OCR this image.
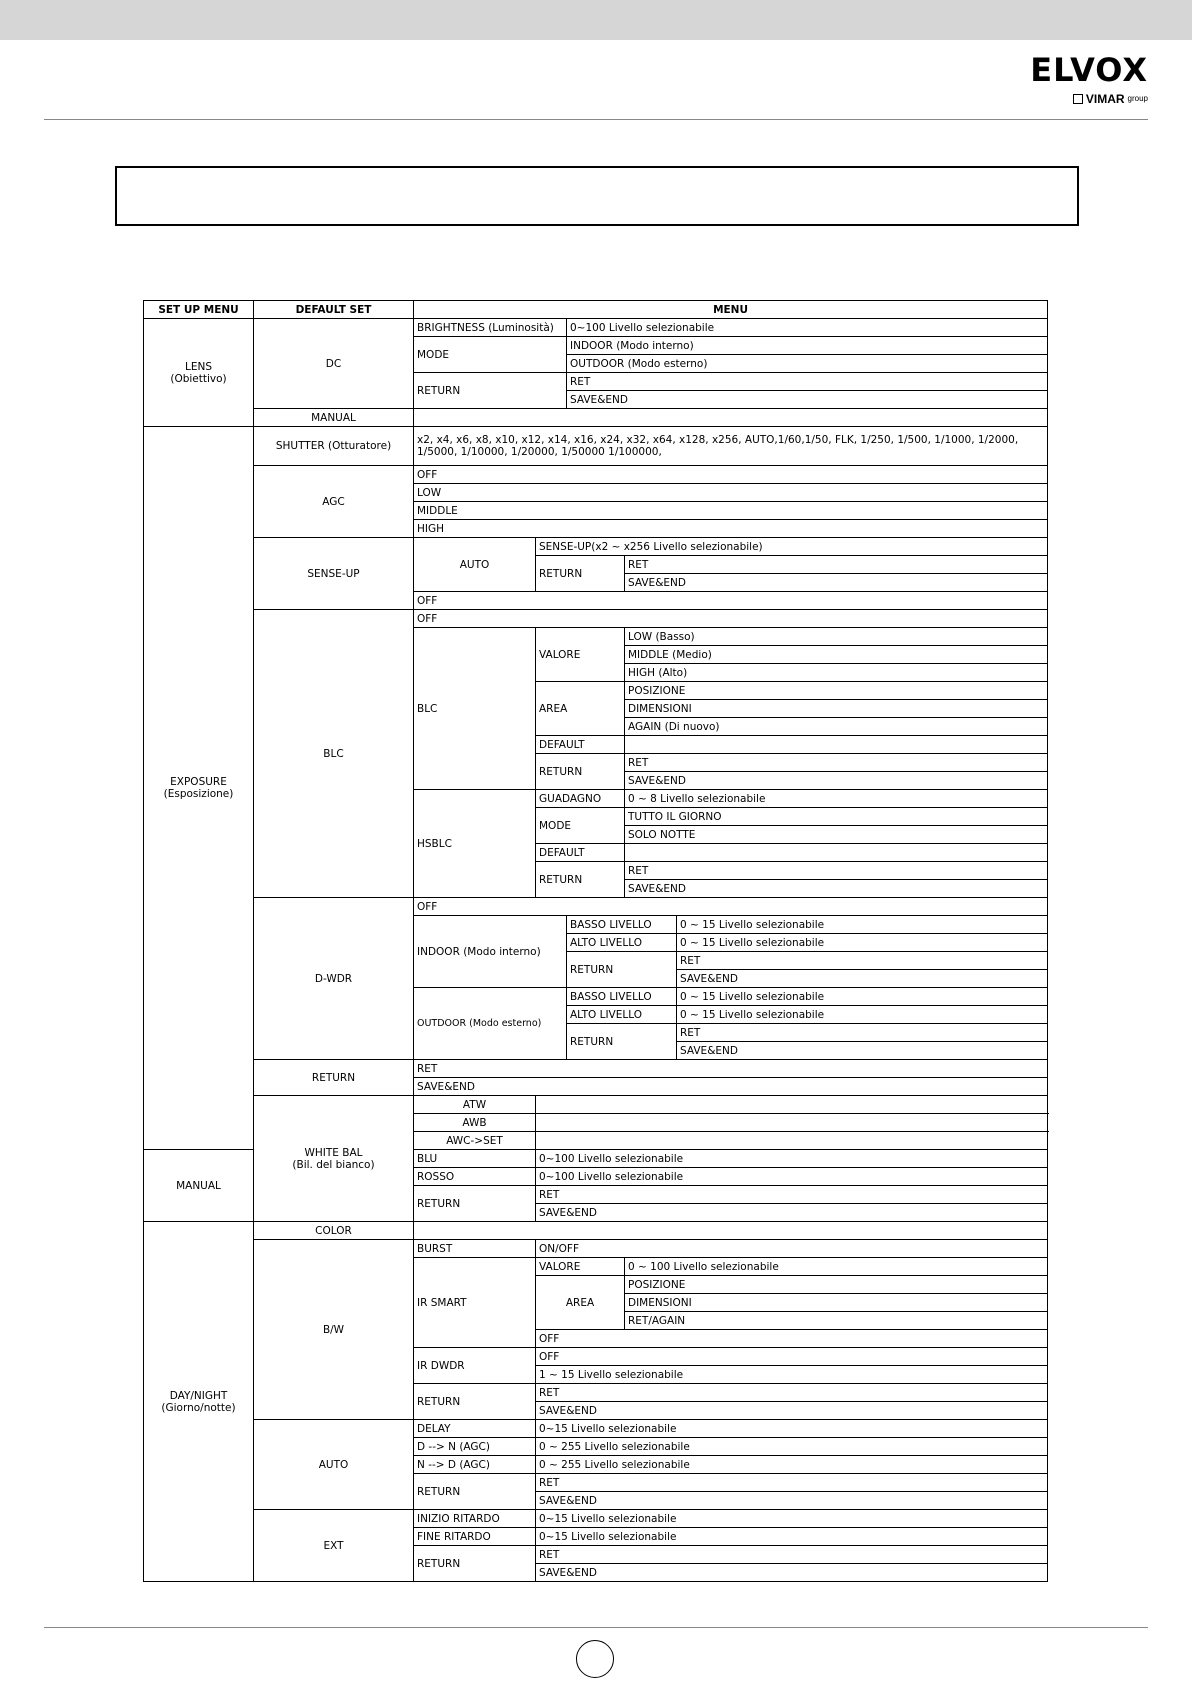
ELVOX
VIMAR group
SET UP MENU	DEFAULT SET	MENU				
LENS
(Obiettivo)	DC	BRIGHTNESS (Luminosità)		0~100 Livello selezionabile		
		MODE		INDOOR (Modo interno)		
				OUTDOOR (Modo esterno)		
		RETURN		RET		
				SAVE&END		
	MANUAL					
EXPOSURE
(Esposizione)	SHUTTER (Otturatore)	x2, x4, x6, x8, x10, x12, x14, x16, x24, x32, x64, x128, x256, AUTO,1/60,1/50, FLK, 1/250, 1/500, 1/1000, 1/2000, 1/5000, 1/10000, 1/20000, 1/50000 1/100000,				
	AGC	OFF				
		LOW				
		MIDDLE				
		HIGH				
	SENSE-UP	AUTO	SENSE-UP(x2 ~ x256 Livello selezionabile)			
			RETURN		RET	
					SAVE&END	
		OFF				
	BLC	OFF				
		BLC	VALORE		LOW (Basso)	
					MIDDLE (Medio)	
					HIGH (Alto)	
			AREA		POSIZIONE	
					DIMENSIONI	
					AGAIN (Di nuovo)	
			DEFAULT			
			RETURN		RET	
					SAVE&END	
		HSBLC	GUADAGNO		0 ~ 8 Livello selezionabile	
			MODE		TUTTO IL GIORNO	
					SOLO NOTTE	
			DEFAULT			
			RETURN		RET	
					SAVE&END	
	D-WDR	OFF				
		INDOOR (Modo interno)		BASSO LIVELLO		0 ~ 15 Livello selezionabile
				ALTO LIVELLO		0 ~ 15 Livello selezionabile
				RETURN		RET
						SAVE&END
		OUTDOOR (Modo esterno)		BASSO LIVELLO		0 ~ 15 Livello selezionabile
				ALTO LIVELLO		0 ~ 15 Livello selezionabile
				RETURN		RET
						SAVE&END
	RETURN	RET				
		SAVE&END				
	WHITE BAL
(Bil. del bianco)	ATW				
		AWB				
		AWC->SET				
MANUAL		BLU	0~100 Livello selezionabile			
		ROSSO	0~100 Livello selezionabile			
		RETURN	RET			
			SAVE&END			
DAY/NIGHT
(Giorno/notte)	COLOR					
	B/W	BURST	ON/OFF			
		IR SMART	VALORE		0 ~ 100 Livello selezionabile	
			AREA		POSIZIONE	
					DIMENSIONI	
					RET/AGAIN	
			OFF			
		IR DWDR	OFF			
			1 ~ 15 Livello selezionabile			
		RETURN	RET			
			SAVE&END			
	AUTO	DELAY	0~15 Livello selezionabile			
		D --> N (AGC)	0 ~ 255 Livello selezionabile			
		N --> D (AGC)	0 ~ 255 Livello selezionabile			
		RETURN	RET			
			SAVE&END			
	EXT	INIZIO RITARDO	0~15 Livello selezionabile			
		FINE RITARDO	0~15 Livello selezionabile			
		RETURN	RET			
			SAVE&END			
